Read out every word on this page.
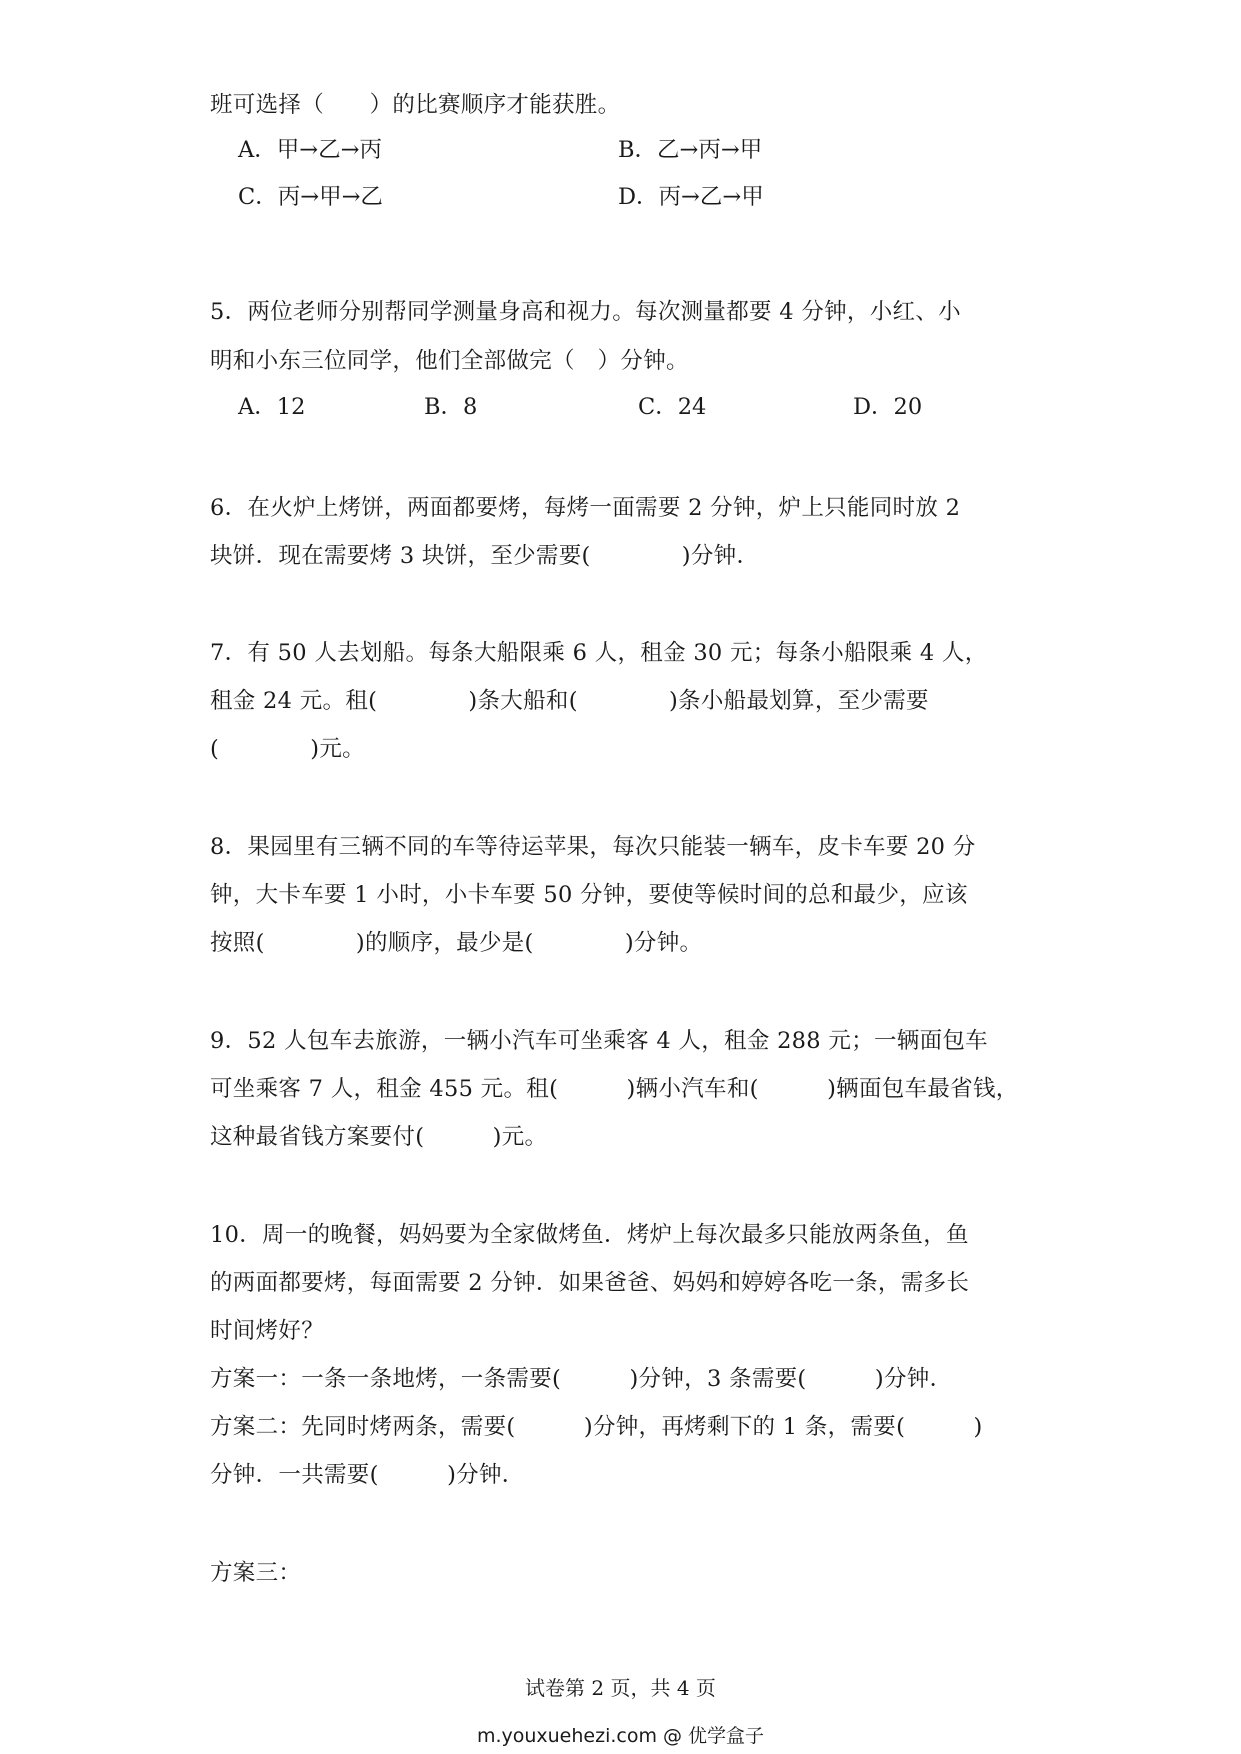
班可选择（　　）的比赛顺序才能获胜。
A．甲→乙→丙	B．乙→丙→甲
C．丙→甲→乙	D．丙→乙→甲
5．两位老师分别帮同学测量身高和视力。每次测量都要 4 分钟，小红、小
明和小东三位同学，他们全部做完（　）分钟。
A．12	B．8	C．24	D．20
6．在火炉上烤饼，两面都要烤，每烤一面需要 2 分钟，炉上只能同时放 2
块饼．现在需要烤 3 块饼，至少需要(　　　　)分钟．
7．有 50 人去划船。每条大船限乘 6 人，租金 30 元；每条小船限乘 4 人，
租金 24 元。租(　　　　)条大船和(　　　　)条小船最划算，至少需要
(　　　　)元。
8．果园里有三辆不同的车等待运苹果，每次只能装一辆车，皮卡车要 20 分
钟，大卡车要 1 小时，小卡车要 50 分钟，要使等候时间的总和最少，应该
按照(　　　　)的顺序，最少是(　　　　)分钟。
9．52 人包车去旅游，一辆小汽车可坐乘客 4 人，租金 288 元；一辆面包车
可坐乘客 7 人，租金 455 元。租(　　　)辆小汽车和(　　　)辆面包车最省钱，
这种最省钱方案要付(　　　)元。
10．周一的晚餐，妈妈要为全家做烤鱼．烤炉上每次最多只能放两条鱼，鱼
的两面都要烤，每面需要 2 分钟．如果爸爸、妈妈和婷婷各吃一条，需多长
时间烤好？
方案一：一条一条地烤，一条需要(　　　)分钟，3 条需要(　　　)分钟．
方案二：先同时烤两条，需要(　　　)分钟，再烤剩下的 1 条，需要(　　　)
分钟．一共需要(　　　)分钟．
方案三：
试卷第 2 页，共 4 页
m.youxuehezi.com @ 优学盒子
